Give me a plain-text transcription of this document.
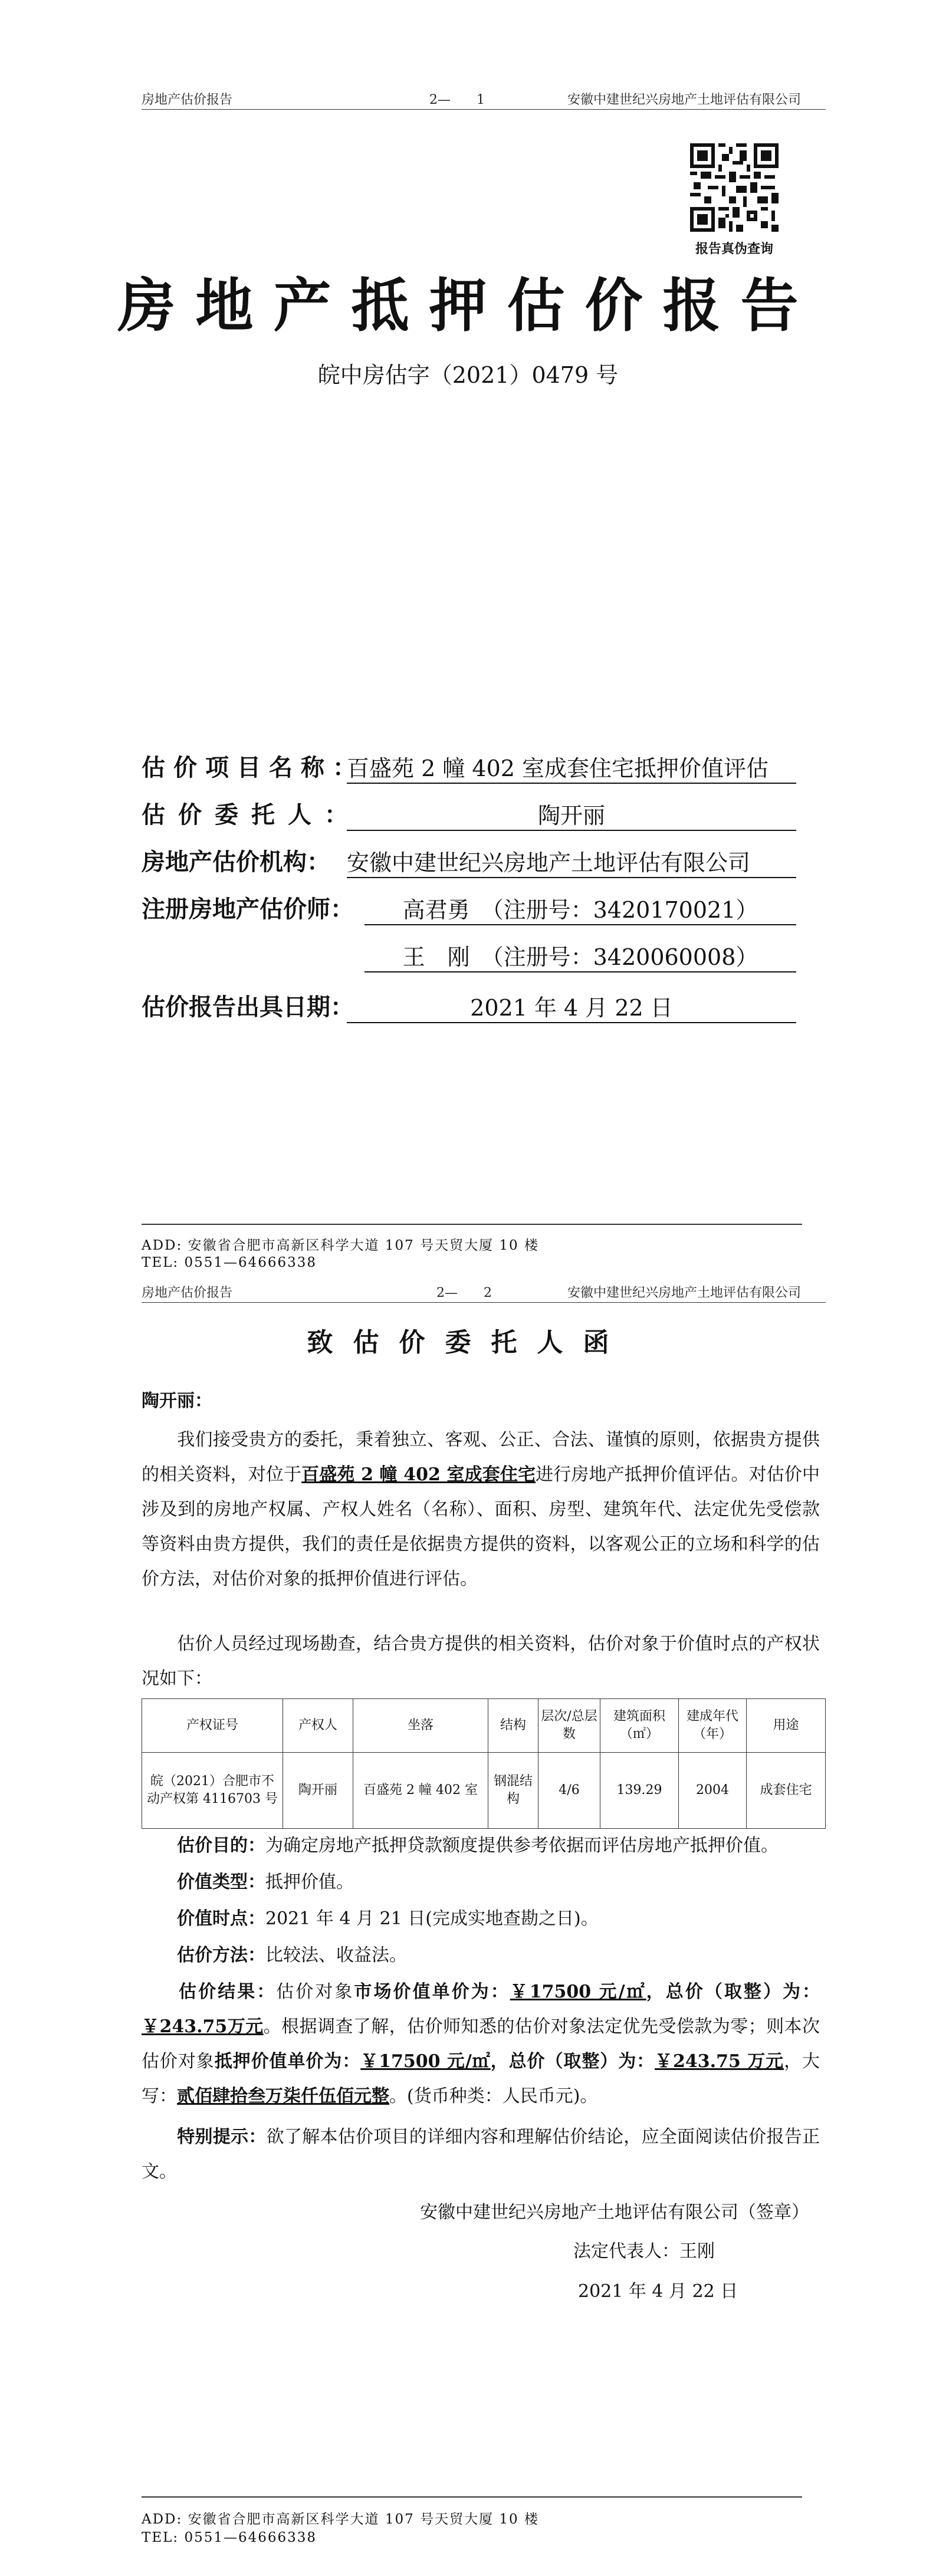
房地产估价报告	2—　　1	安徽中建世纪兴房地产土地评估有限公司
报告真伪查询
房地产抵押估价报告
皖中房估字（2021）0479 号
估价项目名称：
百盛苑 2 幢 402 室成套住宅抵押价值评估
估价委托人：	陶开丽
房地产估价机构： 安徽中建世纪兴房地产土地评估有限公司
注册房地产估价师：	高君勇　（注册号：3420170021）
王　刚　（注册号：3420060008）
估价报告出具日期：	2021 年 4 月 22 日
ADD: 安徽省合肥市高新区科学大道 107 号天贸大厦 10 楼
TEL: 0551—64666338
房地产估价报告	2—　　2	安徽中建世纪兴房地产土地评估有限公司
致估价委托人函
陶开丽：
我们接受贵方的委托，秉着独立、客观、公正、合法、谨慎的原则，依据贵方提供的相关资料，对位于百盛苑 2 幢 402 室成套住宅进行房地产抵押价值评估。对估价中涉及到的房地产权属、产权人姓名（名称）、面积、房型、建筑年代、法定优先受偿款等资料由贵方提供，我们的责任是依据贵方提供的资料，以客观公正的立场和科学的估价方法，对估价对象的抵押价值进行评估。
估价人员经过现场勘查，结合贵方提供的相关资料，估价对象于价值时点的产权状况如下：
产权证号	产权人	坐落	结构	层次/总层数	建筑面积（㎡）	建成年代（年）	用途
皖（2021）合肥市不动产权第 4116703 号	陶开丽	百盛苑 2 幢 402 室	钢混结构	4/6	139.29	2004	成套住宅
估价目的：为确定房地产抵押贷款额度提供参考依据而评估房地产抵押价值。
价值类型：抵押价值。
价值时点：2021 年 4 月 21 日(完成实地查勘之日)。
估价方法：比较法、收益法。
估价结果：估价对象市场价值单价为：￥17500 元/㎡，总价（取整）为：￥243.75万元。根据调查了解，估价师知悉的估价对象法定优先受偿款为零；则本次估价对象抵押价值单价为：￥17500 元/㎡，总价（取整）为：￥243.75 万元，大写：贰佰肆拾叁万柒仟伍佰元整。(货币种类：人民币元)。
特别提示：欲了解本估价项目的详细内容和理解估价结论，应全面阅读估价报告正文。
安徽中建世纪兴房地产土地评估有限公司（签章）
法定代表人：王刚
2021 年 4 月 22 日
ADD: 安徽省合肥市高新区科学大道 107 号天贸大厦 10 楼
TEL: 0551—64666338
